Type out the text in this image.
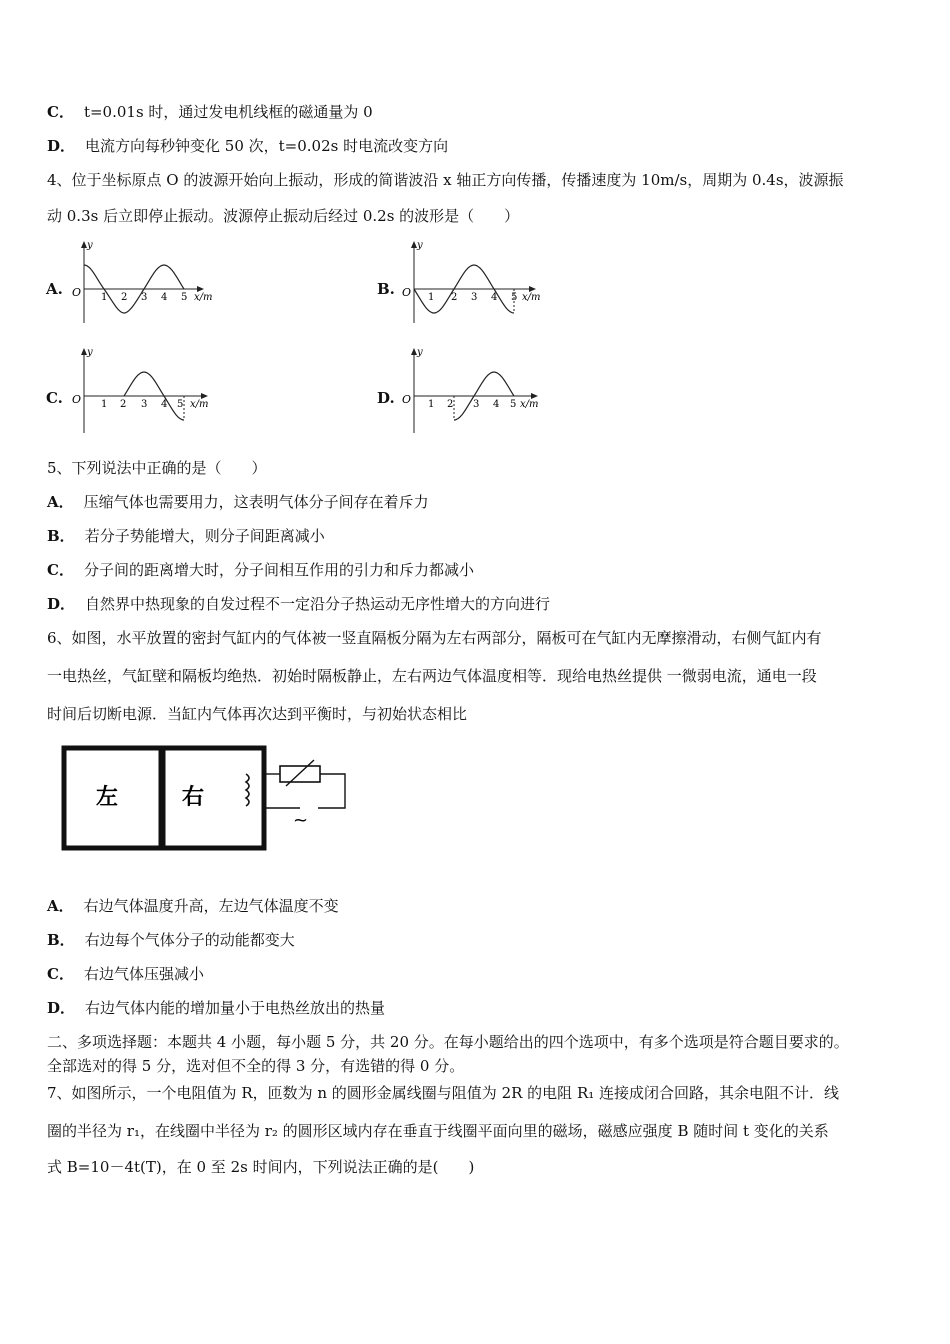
C． t=0.01s 时，通过发电机线框的磁通量为 0
D． 电流方向每秒钟变化 50 次，t=0.02s 时电流改变方向
4、位于坐标原点 O 的波源开始向上振动，形成的简谐波沿 x 轴正方向传播，传播速度为 10m/s，周期为 0.4s，波源振
动 0.3s 后立即停止振动。波源停止振动后经过 0.2s 的波形是（　　）
A.
y
O 1 2 3 4 5 x/m	B.
y
O 1 2 3 4 5 x/m
C.
y
O 1 2 3 4 5 x/m	D.
y
O 1 2 3 4 5 x/m
5、下列说法中正确的是（　　）
A． 压缩气体也需要用力，这表明气体分子间存在着斥力
B． 若分子势能增大，则分子间距离减小
C． 分子间的距离增大时，分子间相互作用的引力和斥力都减小
D． 自然界中热现象的自发过程不一定沿分子热运动无序性增大的方向进行
6、如图，水平放置的密封气缸内的气体被一竖直隔板分隔为左右两部分，隔板可在气缸内无摩擦滑动，右侧气缸内有
一电热丝，气缸壁和隔板均绝热．初始时隔板静止，左右两边气体温度相等．现给电热丝提供 一微弱电流，通电一段
时间后切断电源．当缸内气体再次达到平衡时，与初始状态相比
左	右
~
A． 右边气体温度升高，左边气体温度不变
B． 右边每个气体分子的动能都变大
C． 右边气体压强减小
D． 右边气体内能的增加量小于电热丝放出的热量
二、多项选择题：本题共 4 小题，每小题 5 分，共 20 分。在每小题给出的四个选项中，有多个选项是符合题目要求的。
全部选对的得 5 分，选对但不全的得 3 分，有选错的得 0 分。
7、如图所示，一个电阻值为 R，匝数为 n 的圆形金属线圈与阻值为 2R 的电阻 R₁ 连接成闭合回路，其余电阻不计．线
圈的半径为 r₁，在线圈中半径为 r₂ 的圆形区域内存在垂直于线圈平面向里的磁场，磁感应强度 B 随时间 t 变化的关系
式 B=10－4t(T)，在 0 至 2s 时间内，下列说法正确的是(　　)
